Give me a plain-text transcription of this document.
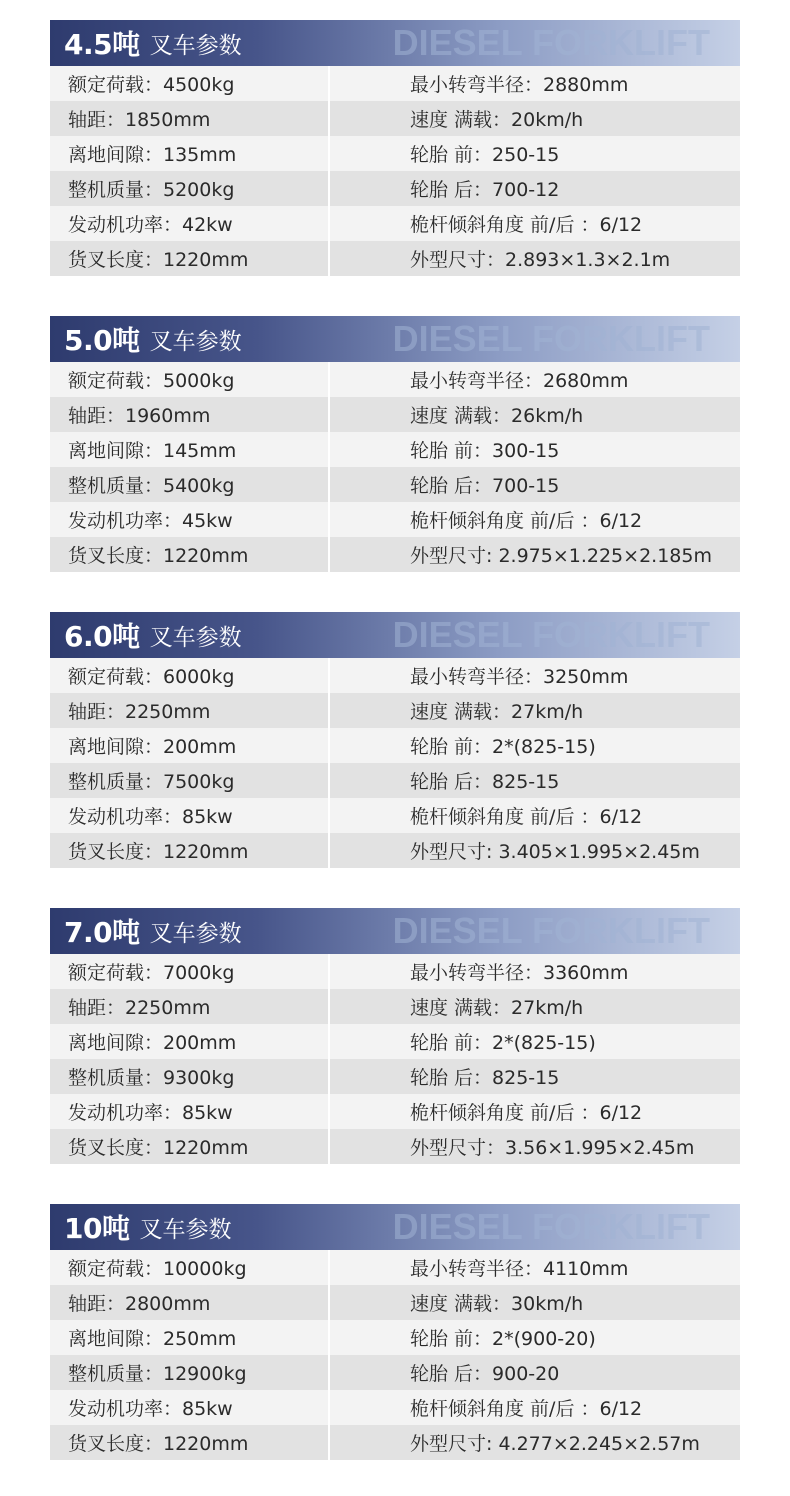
4.5吨 叉车参数	DIESEL FORKLIFT
额定荷载：4500kg	最小转弯半径：2880mm
轴距：1850mm	速度 满载：20km/h
离地间隙：135mm	轮胎 前：250-15
整机质量：5200kg	轮胎 后：700-12
发动机功率：42kw	桅杆倾斜角度 前/后 ：6/12
货叉长度：1220mm	外型尺寸：2.893×1.3×2.1m
5.0吨 叉车参数	DIESEL FORKLIFT
额定荷载：5000kg	最小转弯半径：2680mm
轴距：1960mm	速度 满载：26km/h
离地间隙：145mm	轮胎 前：300-15
整机质量：5400kg	轮胎 后：700-15
发动机功率：45kw	桅杆倾斜角度 前/后 ：6/12
货叉长度：1220mm	外型尺寸: 2.975×1.225×2.185m
6.0吨 叉车参数	DIESEL FORKLIFT
额定荷载：6000kg	最小转弯半径：3250mm
轴距：2250mm	速度 满载：27km/h
离地间隙：200mm	轮胎 前：2*(825-15)
整机质量：7500kg	轮胎 后：825-15
发动机功率：85kw	桅杆倾斜角度 前/后 ：6/12
货叉长度：1220mm	外型尺寸: 3.405×1.995×2.45m
7.0吨 叉车参数	DIESEL FORKLIFT
额定荷载：7000kg	最小转弯半径：3360mm
轴距：2250mm	速度 满载：27km/h
离地间隙：200mm	轮胎 前：2*(825-15)
整机质量：9300kg	轮胎 后：825-15
发动机功率：85kw	桅杆倾斜角度 前/后 ：6/12
货叉长度：1220mm	外型尺寸：3.56×1.995×2.45m
10吨 叉车参数	DIESEL FORKLIFT
额定荷载：10000kg	最小转弯半径：4110mm
轴距：2800mm	速度 满载：30km/h
离地间隙：250mm	轮胎 前：2*(900-20)
整机质量：12900kg	轮胎 后：900-20
发动机功率：85kw	桅杆倾斜角度 前/后 ：6/12
货叉长度：1220mm	外型尺寸: 4.277×2.245×2.57m
